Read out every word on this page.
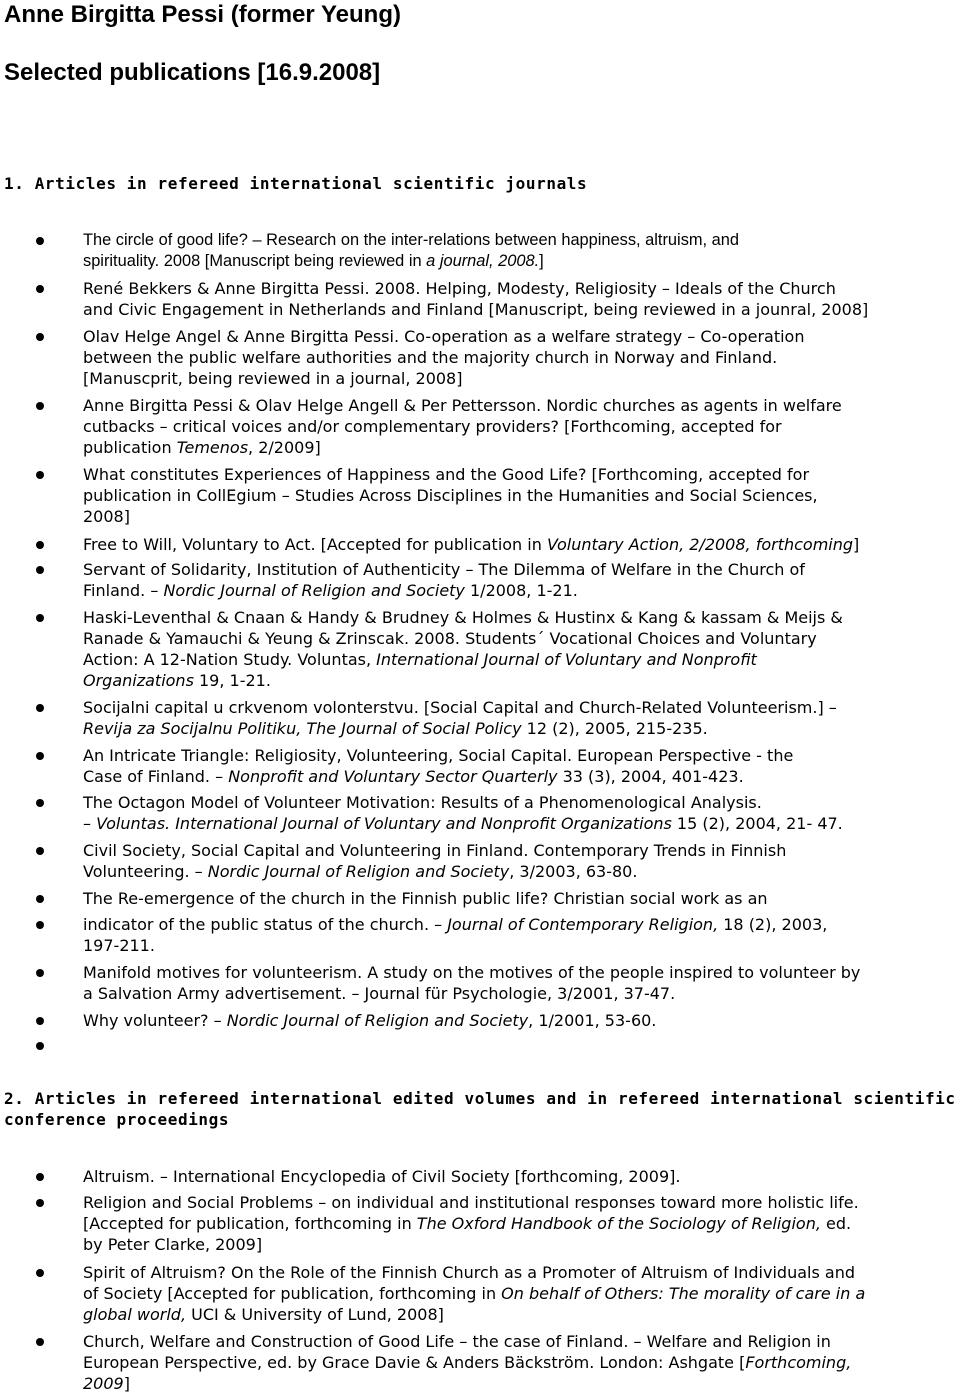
Anne Birgitta Pessi (former Yeung)
Selected publications [16.9.2008]
1. Articles in refereed international scientific journals
The circle of good life? – Research on the inter-relations between happiness, altruism, and
spirituality. 2008 [Manuscript being reviewed in a journal, 2008.]
René Bekkers & Anne Birgitta Pessi. 2008. Helping, Modesty, Religiosity – Ideals of the Church
and Civic Engagement in Netherlands and Finland [Manuscript, being reviewed in a jounral, 2008]
Olav Helge Angel & Anne Birgitta Pessi. Co-operation as a welfare strategy – Co-operation
between the public welfare authorities and the majority church in Norway and Finland.
[Manuscprit, being reviewed in a journal, 2008]
Anne Birgitta Pessi & Olav Helge Angell & Per Pettersson. Nordic churches as agents in welfare
cutbacks – critical voices and/or complementary providers? [Forthcoming, accepted for
publication Temenos, 2/2009]
What constitutes Experiences of Happiness and the Good Life? [Forthcoming, accepted for
publication in CollEgium – Studies Across Disciplines in the Humanities and Social Sciences,
2008]
Free to Will, Voluntary to Act. [Accepted for publication in Voluntary Action, 2/2008, forthcoming]
Servant of Solidarity, Institution of Authenticity – The Dilemma of Welfare in the Church of
Finland. – Nordic Journal of Religion and Society 1/2008, 1-21.
Haski-Leventhal & Cnaan & Handy & Brudney & Holmes & Hustinx & Kang & kassam & Meijs &
Ranade & Yamauchi & Yeung & Zrinscak. 2008. Students´ Vocational Choices and Voluntary
Action: A 12-Nation Study. Voluntas, International Journal of Voluntary and Nonprofit
Organizations 19, 1-21.
Socijalni capital u crkvenom volonterstvu. [Social Capital and Church-Related Volunteerism.] –
Revija za Socijalnu Politiku, The Journal of Social Policy 12 (2), 2005, 215-235.
An Intricate Triangle: Religiosity, Volunteering, Social Capital. European Perspective - the
Case of Finland. – Nonprofit and Voluntary Sector Quarterly 33 (3), 2004, 401-423.
The Octagon Model of Volunteer Motivation: Results of a Phenomenological Analysis.
– Voluntas. International Journal of Voluntary and Nonprofit Organizations 15 (2), 2004, 21- 47.
Civil Society, Social Capital and Volunteering in Finland. Contemporary Trends in Finnish
Volunteering. – Nordic Journal of Religion and Society, 3/2003, 63-80.
The Re-emergence of the church in the Finnish public life? Christian social work as an
indicator of the public status of the church. – Journal of Contemporary Religion, 18 (2), 2003,
197-211.
Manifold motives for volunteerism. A study on the motives of the people inspired to volunteer by
a Salvation Army advertisement. – Journal für Psychologie, 3/2001, 37-47.
Why volunteer? – Nordic Journal of Religion and Society, 1/2001, 53-60.
2. Articles in refereed international edited volumes and in refereed international scientific
conference proceedings
Altruism. – International Encyclopedia of Civil Society [forthcoming, 2009].
Religion and Social Problems – on individual and institutional responses toward more holistic life.
[Accepted for publication, forthcoming in The Oxford Handbook of the Sociology of Religion, ed.
by Peter Clarke, 2009]
Spirit of Altruism? On the Role of the Finnish Church as a Promoter of Altruism of Individuals and
of Society [Accepted for publication, forthcoming in On behalf of Others: The morality of care in a
global world, UCI & University of Lund, 2008]
Church, Welfare and Construction of Good Life – the case of Finland. – Welfare and Religion in
European Perspective, ed. by Grace Davie & Anders Bäckström. London: Ashgate [Forthcoming,
2009]
